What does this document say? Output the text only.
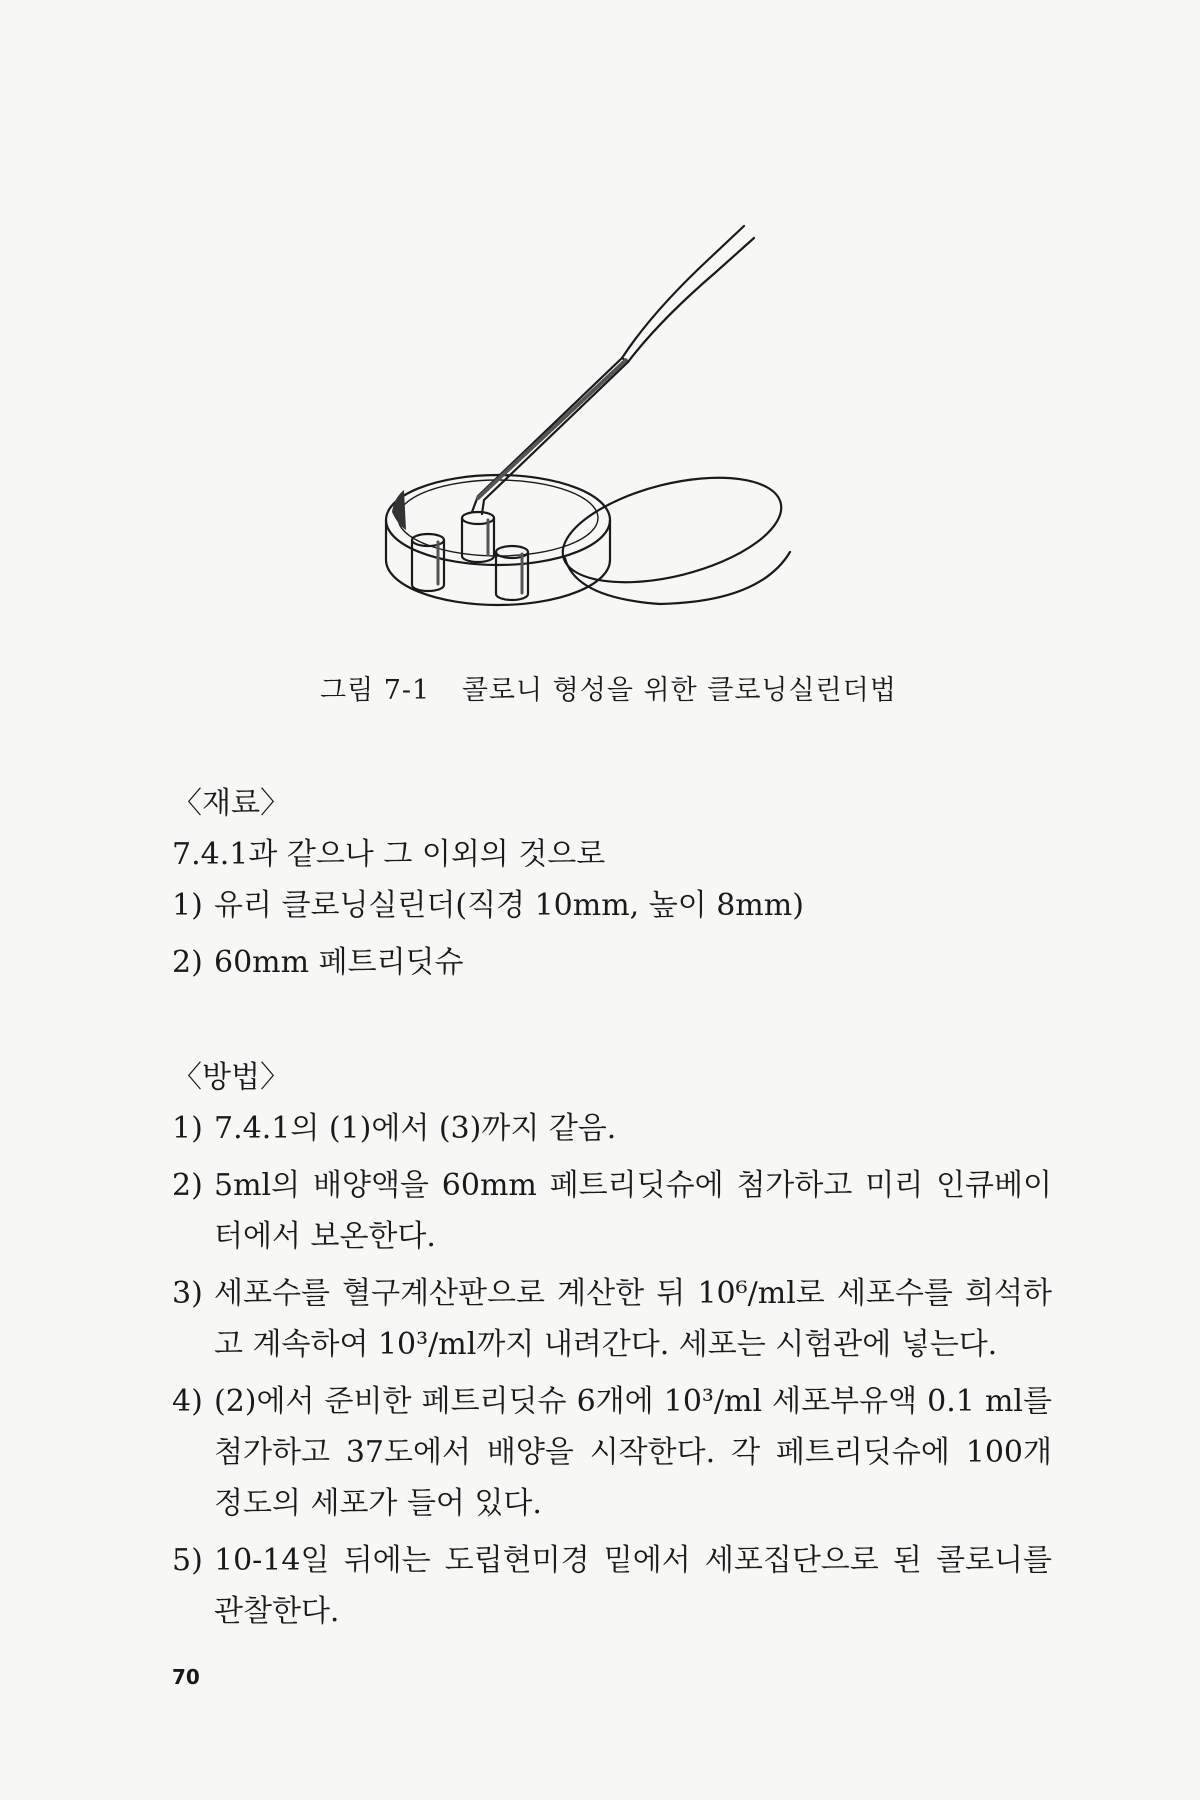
그림 7-1 콜로니 형성을 위한 클로닝실린더법

〈재료〉

7.4.1과 같으나 그 이외의 것으로

1) 유리 클로닝실린더(직경 10mm, 높이 8mm)
2) 60mm 페트리딧슈

〈방법〉

1) 7.4.1의 (1)에서 (3)까지 같음.
2) 5ml의 배양액을 60mm 페트리딧슈에 첨가하고 미리 인큐베이터에서 보온한다.
3) 세포수를 혈구계산판으로 계산한 뒤 10⁶/ml로 세포수를 희석하고 계속하여 10³/ml까지 내려간다. 세포는 시험관에 넣는다.
4) (2)에서 준비한 페트리딧슈 6개에 10³/ml 세포부유액 0.1 ml를 첨가하고 37도에서 배양을 시작한다. 각 페트리딧슈에 100개 정도의 세포가 들어 있다.
5) 10-14일 뒤에는 도립현미경 밑에서 세포집단으로 된 콜로니를 관찰한다.
70
